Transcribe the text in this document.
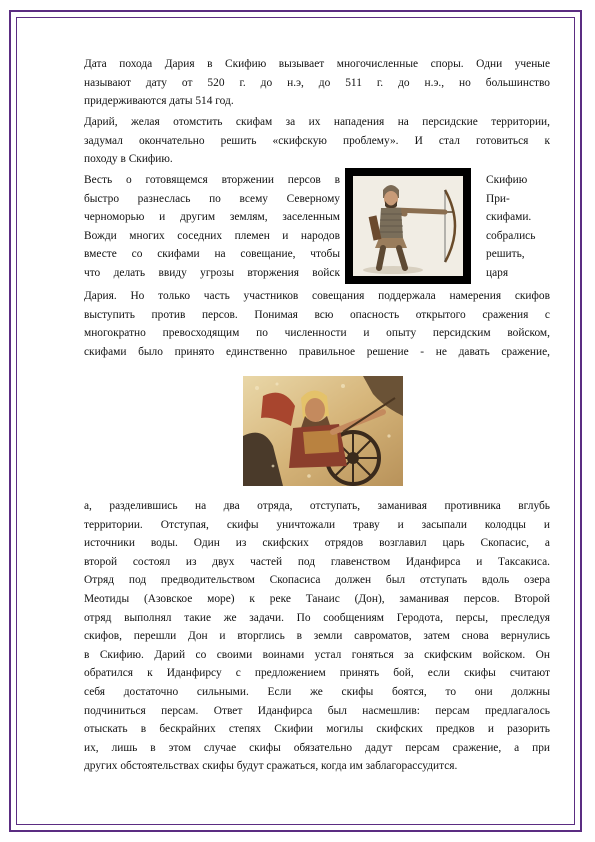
Дата похода Дария в Скифию вызывает многочисленные споры. Одни ученые
называют дату от 520 г. до н.э, до 511 г. до н.э., но большинство
придерживаются даты 514 год.
Дарий, желая отомстить скифам за их нападения на персидские территории,
задумал окончательно решить «скифскую проблему». И стал готовиться к
походу в Скифию.
Весть о готовящемся вторжении персов в
быстро разнеслась по всему Северному
черноморью и другим землям, заселенным
Вожди многих соседних племен и народов
вместе со скифами на совещание, чтобы
что делать ввиду угрозы вторжения войск
Скифию
При-
скифами.
собрались
решить,
царя
Дария. Но только часть участников совещания поддержала намерения скифов
выступить против персов. Понимая всю опасность открытого сражения с
многократно превосходящим по численности и опыту персидским войском,
скифами было принято единственно правильное решение - не давать сражение,
а, разделившись на два отряда, отступать, заманивая противника вглубь
территории. Отступая, скифы уничтожали траву и засыпали колодцы и
источники воды. Один из скифских отрядов возглавил царь Скопасис, а
второй состоял из двух частей под главенством Иданфирса и Таксакиса.
Отряд под предводительством Скопасиса должен был отступать вдоль озера
Меотиды (Азовское море) к реке Танаис (Дон), заманивая персов. Второй
отряд выполнял такие же задачи. По сообщениям Геродота, персы, преследуя
скифов, перешли Дон и вторглись в земли савроматов, затем снова вернулись
в Скифию. Дарий со своими воинами устал гоняться за скифским войском. Он
обратился к Иданфирсу с предложением принять бой, если скифы считают
себя достаточно сильными. Если же скифы боятся, то они должны
подчиниться персам. Ответ Иданфирса был насмешлив: персам предлагалось
отыскать в бескрайних степях Скифии могилы скифских предков и разорить
их, лишь в этом случае скифы обязательно дадут персам сражение, а при
других обстоятельствах скифы будут сражаться, когда им заблагорассудится.
